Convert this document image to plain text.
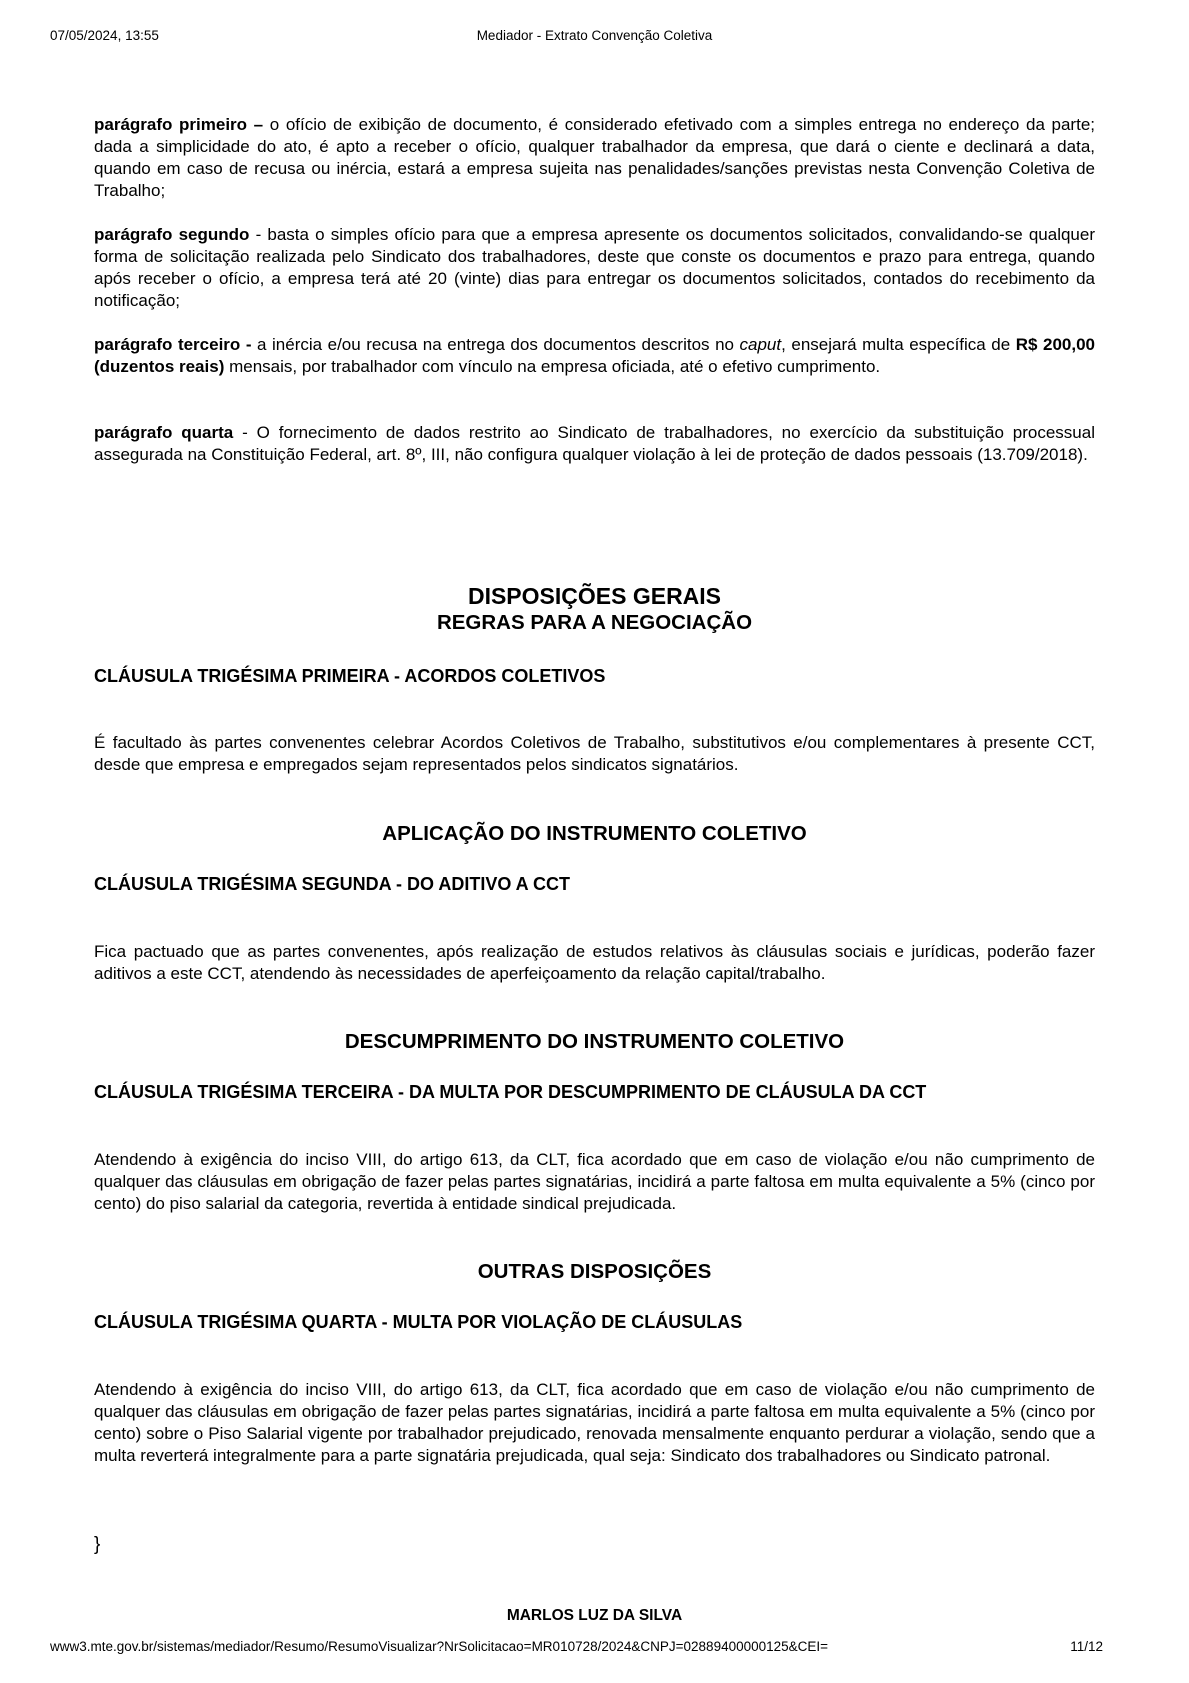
07/05/2024, 13:55	Mediador - Extrato Convenção Coletiva

parágrafo primeiro – o ofício de exibição de documento, é considerado efetivado com a simples entrega no endereço da parte; dada a simplicidade do ato, é apto a receber o ofício, qualquer trabalhador da empresa, que dará o ciente e declinará a data, quando em caso de recusa ou inércia, estará a empresa sujeita nas penalidades/sanções previstas nesta Convenção Coletiva de Trabalho;

parágrafo segundo - basta o simples ofício para que a empresa apresente os documentos solicitados, convalidando-se qualquer forma de solicitação realizada pelo Sindicato dos trabalhadores, deste que conste os documentos e prazo para entrega, quando após receber o ofício, a empresa terá até 20 (vinte) dias para entregar os documentos solicitados, contados do recebimento da notificação;

parágrafo terceiro - a inércia e/ou recusa na entrega dos documentos descritos no caput, ensejará multa específica de R$ 200,00 (duzentos reais) mensais, por trabalhador com vínculo na empresa oficiada, até o efetivo cumprimento.

parágrafo quarta - O fornecimento de dados restrito ao Sindicato de trabalhadores, no exercício da substituição processual assegurada na Constituição Federal, art. 8º, III, não configura qualquer violação à lei de proteção de dados pessoais (13.709/2018).

DISPOSIÇÕES GERAIS
REGRAS PARA A NEGOCIAÇÃO
CLÁUSULA TRIGÉSIMA PRIMEIRA - ACORDOS COLETIVOS

É facultado às partes convenentes celebrar Acordos Coletivos de Trabalho, substitutivos e/ou complementares à presente CCT, desde que empresa e empregados sejam representados pelos sindicatos signatários.

APLICAÇÃO DO INSTRUMENTO COLETIVO
CLÁUSULA TRIGÉSIMA SEGUNDA - DO ADITIVO A CCT

Fica pactuado que as partes convenentes, após realização de estudos relativos às cláusulas sociais e jurídicas, poderão fazer aditivos a este CCT, atendendo às necessidades de aperfeiçoamento da relação capital/trabalho.

DESCUMPRIMENTO DO INSTRUMENTO COLETIVO
CLÁUSULA TRIGÉSIMA TERCEIRA - DA MULTA POR DESCUMPRIMENTO DE CLÁUSULA DA CCT

Atendendo à exigência do inciso VIII, do artigo 613, da CLT, fica acordado que em caso de violação e/ou não cumprimento de qualquer das cláusulas em obrigação de fazer pelas partes signatárias, incidirá a parte faltosa em multa equivalente a 5% (cinco por cento) do piso salarial da categoria, revertida à entidade sindical prejudicada.

OUTRAS DISPOSIÇÕES
CLÁUSULA TRIGÉSIMA QUARTA - MULTA POR VIOLAÇÃO DE CLÁUSULAS

Atendendo à exigência do inciso VIII, do artigo 613, da CLT, fica acordado que em caso de violação e/ou não cumprimento de qualquer das cláusulas em obrigação de fazer pelas partes signatárias, incidirá a parte faltosa em multa equivalente a 5% (cinco por cento) sobre o Piso Salarial vigente por trabalhador prejudicado, renovada mensalmente enquanto perdurar a violação, sendo que a multa reverterá integralmente para a parte signatária prejudicada, qual seja: Sindicato dos trabalhadores ou Sindicato patronal.

}
MARLOS LUZ DA SILVA
www3.mte.gov.br/sistemas/mediador/Resumo/ResumoVisualizar?NrSolicitacao=MR010728/2024&CNPJ=02889400000125&CEI=	11/12
